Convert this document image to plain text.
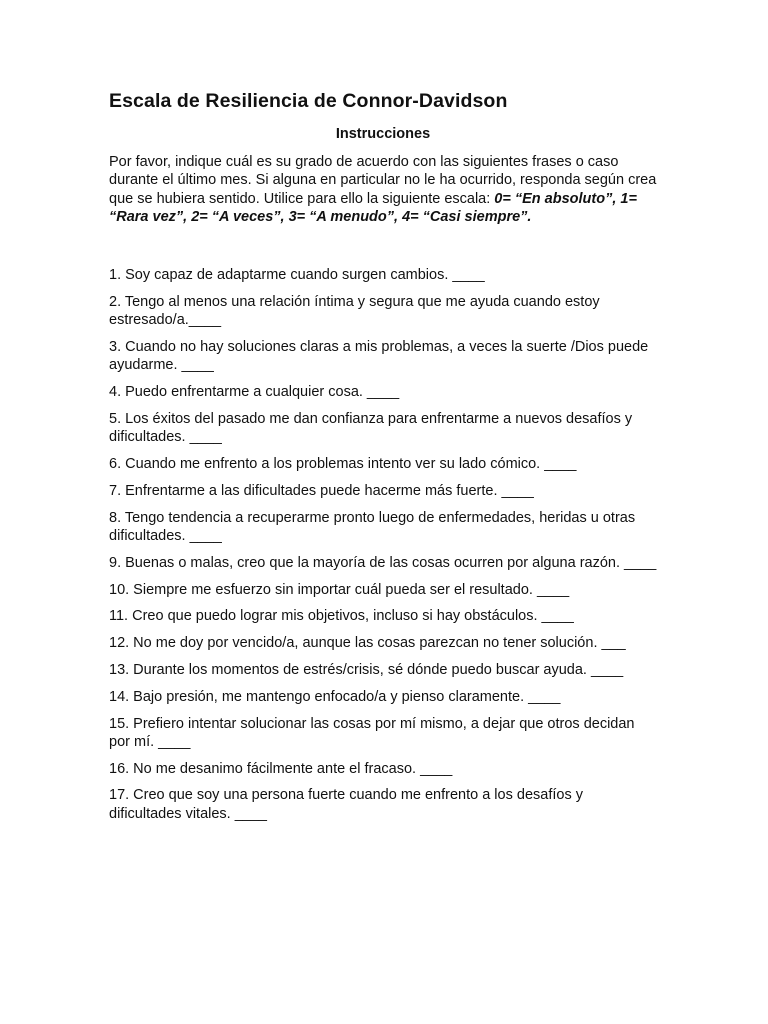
Escala de Resiliencia de Connor-Davidson
Instrucciones

Por favor, indique cuál es su grado de acuerdo con las siguientes frases o caso durante el último mes. Si alguna en particular no le ha ocurrido, responda según crea que se hubiera sentido. Utilice para ello la siguiente escala: 0= “En absoluto”, 1= “Rara vez”, 2= “A veces”, 3= “A menudo”, 4= “Casi siempre”.

1. Soy capaz de adaptarme cuando surgen cambios. ____
2. Tengo al menos una relación íntima y segura que me ayuda cuando estoy estresado/a.____
3. Cuando no hay soluciones claras a mis problemas, a veces la suerte /Dios puede ayudarme. ____
4. Puedo enfrentarme a cualquier cosa. ____
5. Los éxitos del pasado me dan confianza para enfrentarme a nuevos desafíos y dificultades. ____
6. Cuando me enfrento a los problemas intento ver su lado cómico. ____
7. Enfrentarme a las dificultades puede hacerme más fuerte. ____
8. Tengo tendencia a recuperarme pronto luego de enfermedades, heridas u otras dificultades. ____
9. Buenas o malas, creo que la mayoría de las cosas ocurren por alguna razón. ____
10. Siempre me esfuerzo sin importar cuál pueda ser el resultado. ____
11. Creo que puedo lograr mis objetivos, incluso si hay obstáculos. ____
12. No me doy por vencido/a, aunque las cosas parezcan no tener solución. ___
13. Durante los momentos de estrés/crisis, sé dónde puedo buscar ayuda. ____
14. Bajo presión, me mantengo enfocado/a y pienso claramente. ____
15. Prefiero intentar solucionar las cosas por mí mismo, a dejar que otros decidan por mí. ____
16. No me desanimo fácilmente ante el fracaso. ____
17. Creo que soy una persona fuerte cuando me enfrento a los desafíos y dificultades vitales. ____
